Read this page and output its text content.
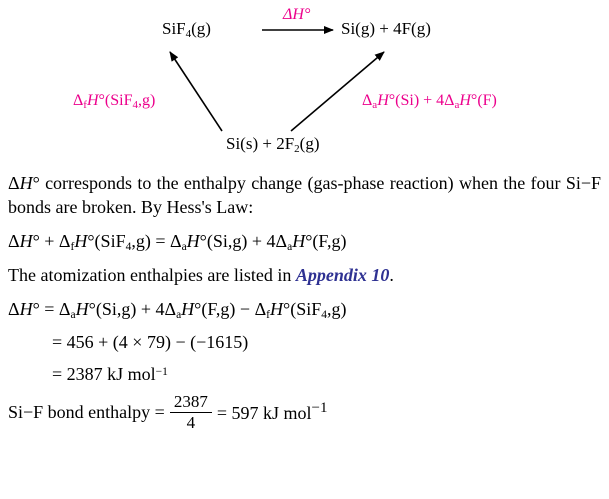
SiF$_4$(g)	Si(g) + 4F(g)
$Si(s) + 2F_2(g)$
ΔH°
$\Delta_fH^\circ(SiF_4,g)$	$\Delta_aH^\circ(Si) + 4\Delta_aH^\circ(F)$

ΔH° corresponds to the enthalpy change (gas-phase reaction) when the four Si−F bonds are broken. By Hess's Law:

$\Delta H^\circ + \Delta_fH^\circ(SiF_4,g) = \Delta_aH^\circ(Si,g) + 4\Delta_aH^\circ(F,g)$

The atomization enthalpies are listed in Appendix 10.

$\Delta H^\circ = \Delta_aH^\circ(Si,g) + 4\Delta_aH^\circ(F,g) - \Delta_fH^\circ(SiF_4,g)$
= 456 + (4 × 79) − (−1615)
= 2387 kJ mol$^{-1}$
Si−F bond enthalpy = $\frac{2387}{4} = 597$ kJ mol$^{-1}$
